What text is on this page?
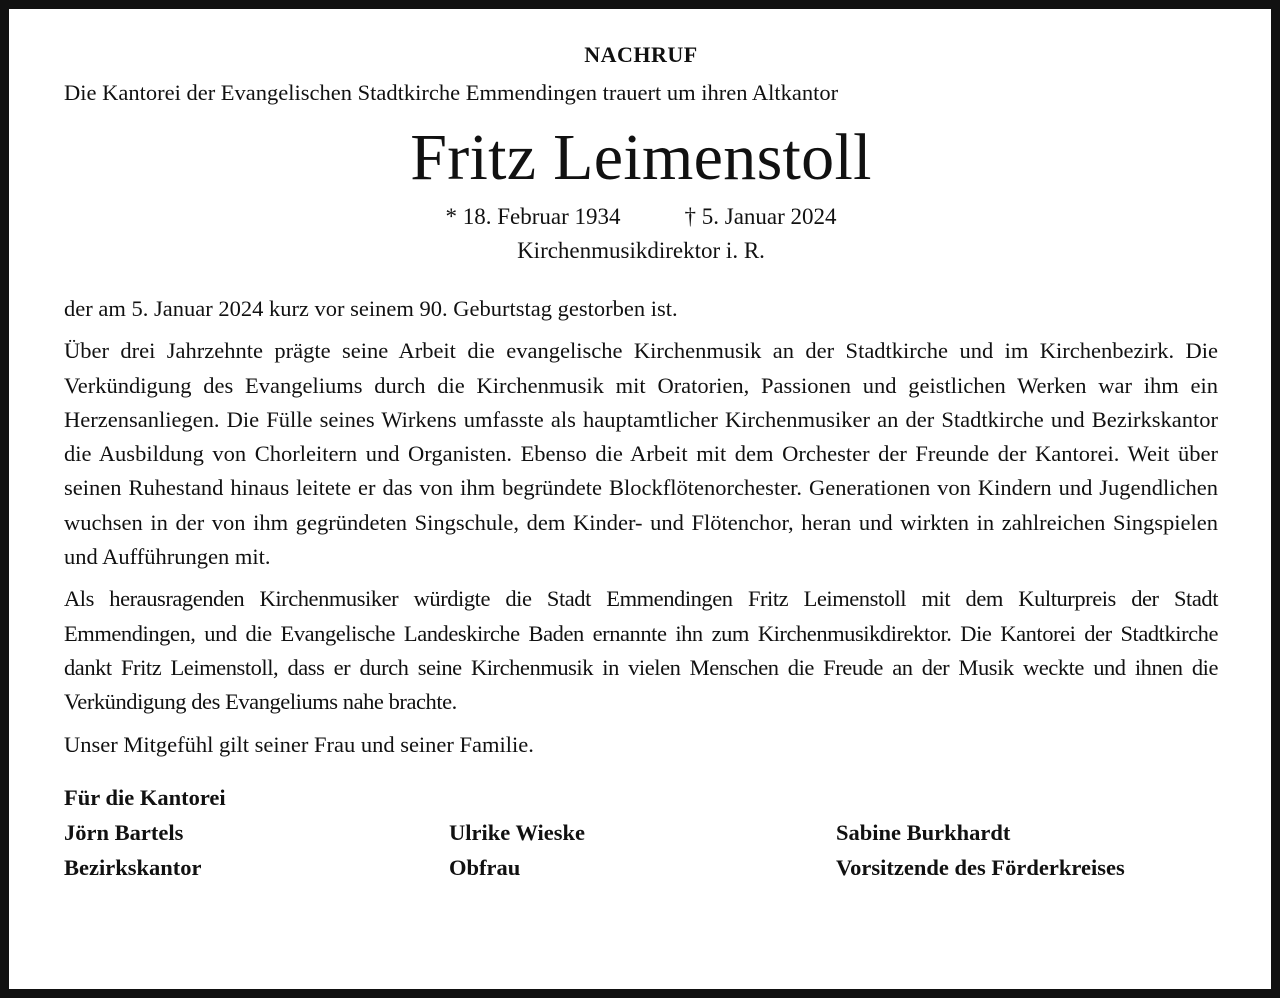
NACHRUF

Die Kantorei der Evangelischen Stadtkirche Emmendingen trauert um ihren Altkantor

Fritz Leimenstoll

* 18. Februar 1934	† 5. Januar 2024

Kirchenmusikdirektor i. R.

der am 5. Januar 2024 kurz vor seinem 90. Geburtstag gestorben ist.

Über drei Jahrzehnte prägte seine Arbeit die evangelische Kirchenmusik an der Stadtkirche und im Kirchenbezirk. Die Verkündigung des Evangeliums durch die Kirchenmusik mit Oratorien, Passionen und geistlichen Werken war ihm ein Herzensanliegen. Die Fülle seines Wirkens umfasste als hauptamtlicher Kirchenmusiker an der Stadtkirche und Bezirkskantor die Ausbildung von Chorleitern und Organisten. Ebenso die Arbeit mit dem Orchester der Freunde der Kantorei. Weit über seinen Ruhestand hinaus leitete er das von ihm begründete Blockflötenorchester. Generationen von Kindern und Jugendlichen wuchsen in der von ihm gegründeten Singschule, dem Kinder- und Flötenchor, heran und wirkten in zahlreichen Singspielen und Aufführungen mit.

Als herausragenden Kirchenmusiker würdigte die Stadt Emmendingen Fritz Leimenstoll mit dem Kulturpreis der Stadt Emmendingen, und die Evangelische Landeskirche Baden ernannte ihn zum Kirchenmusikdirektor. Die Kantorei der Stadtkirche dankt Fritz Leimenstoll, dass er durch seine Kirchenmusik in vielen Menschen die Freude an der Musik weckte und ihnen die Verkündigung des Evangeliums nahe brachte.

Unser Mitgefühl gilt seiner Frau und seiner Familie.

Für die Kantorei
Jörn Bartels	Ulrike Wieske	Sabine Burkhardt
Bezirkskantor	Obfrau	Vorsitzende des Förderkreises
